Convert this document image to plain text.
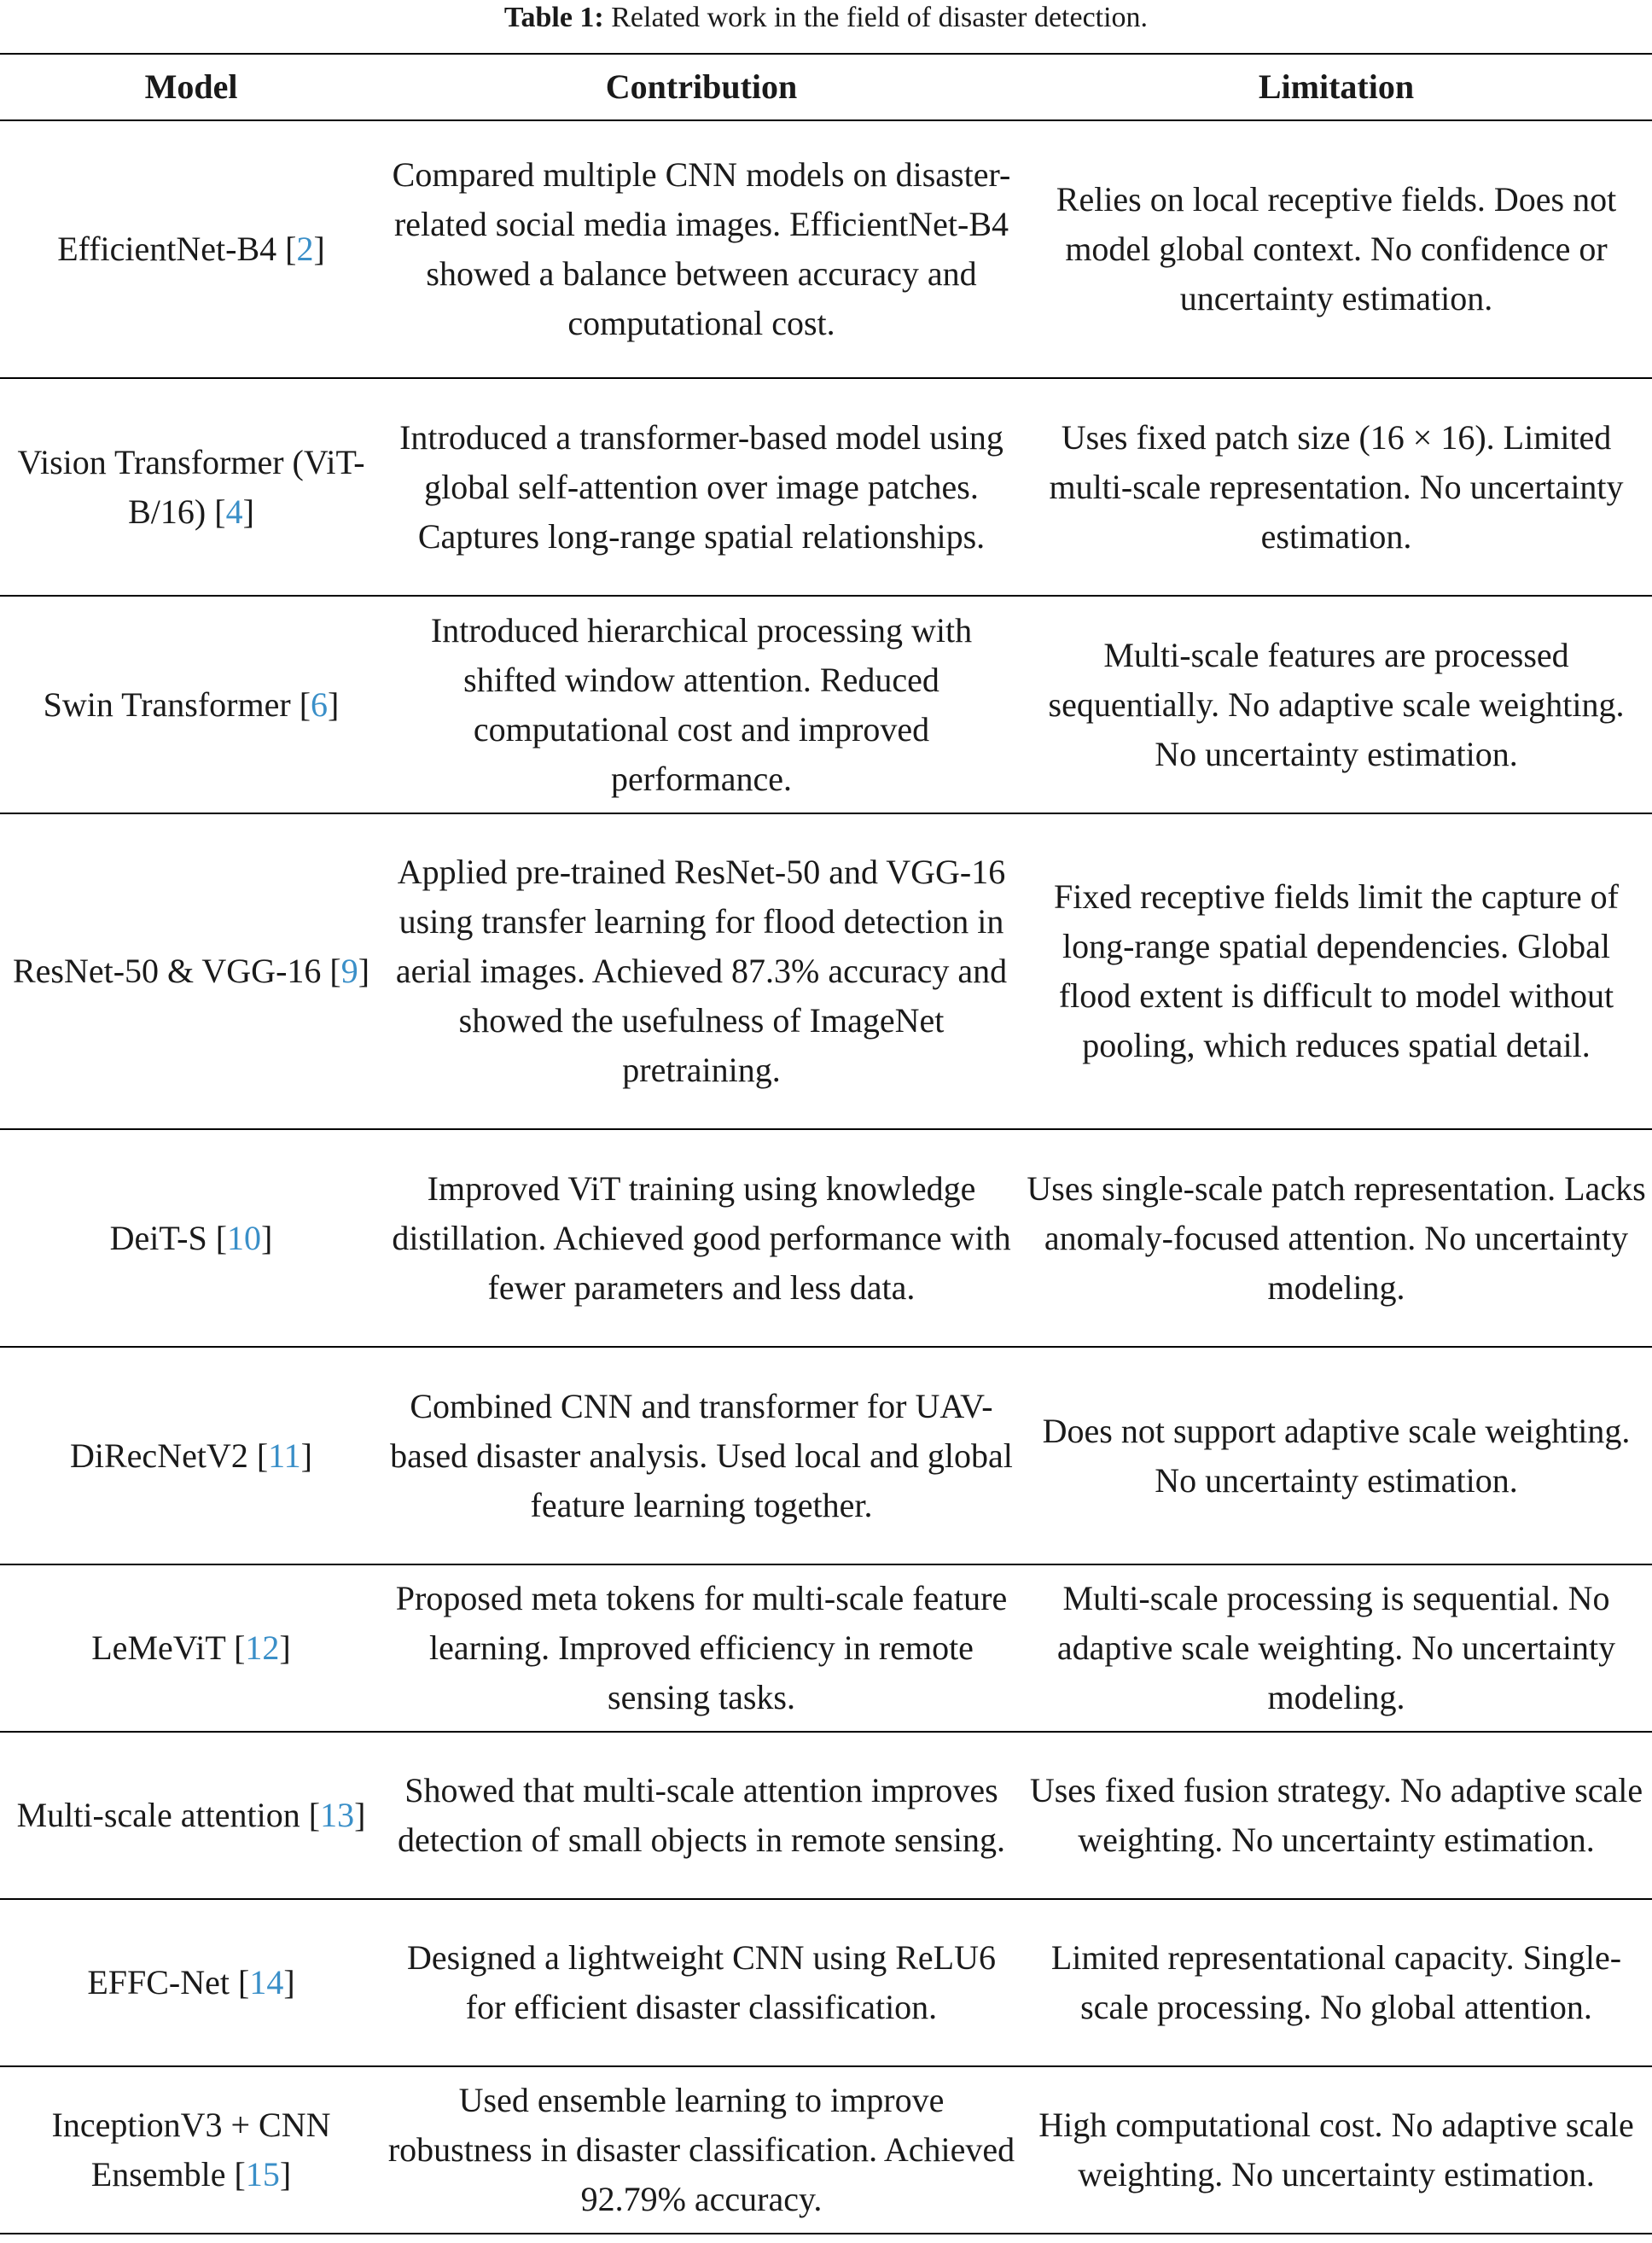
Table 1: Related work in the field of disaster detection.
Model	Contribution	Limitation
EfficientNet-B4 [2]	Compared multiple CNN models on disaster-related social media images. EfficientNet-B4 showed a balance between accuracy and computational cost.	Relies on local receptive fields. Does not model global context. No confidence or uncertainty estimation.
Vision Transformer (ViT-B/16) [4]	Introduced a transformer-based model using global self-attention over image patches. Captures long-range spatial relationships.	Uses fixed patch size (16 × 16). Limited multi-scale representation. No uncertainty estimation.
Swin Transformer [6]	Introduced hierarchical processing with shifted window attention. Reduced computational cost and improved performance.	Multi-scale features are processed sequentially. No adaptive scale weighting. No uncertainty estimation.
ResNet-50 & VGG-16 [9]	Applied pre-trained ResNet-50 and VGG-16 using transfer learning for flood detection in aerial images. Achieved 87.3% accuracy and showed the usefulness of ImageNet pretraining.	Fixed receptive fields limit the capture of long-range spatial dependencies. Global flood extent is difficult to model without pooling, which reduces spatial detail.
DeiT-S [10]	Improved ViT training using knowledge distillation. Achieved good performance with fewer parameters and less data.	Uses single-scale patch representation. Lacks anomaly-focused attention. No uncertainty modeling.
DiRecNetV2 [11]	Combined CNN and transformer for UAV-based disaster analysis. Used local and global feature learning together.	Does not support adaptive scale weighting. No uncertainty estimation.
LeMeViT [12]	Proposed meta tokens for multi-scale feature learning. Improved efficiency in remote sensing tasks.	Multi-scale processing is sequential. No adaptive scale weighting. No uncertainty modeling.
Multi-scale attention [13]	Showed that multi-scale attention improves detection of small objects in remote sensing.	Uses fixed fusion strategy. No adaptive scale weighting. No uncertainty estimation.
EFFC-Net [14]	Designed a lightweight CNN using ReLU6 for efficient disaster classification.	Limited representational capacity. Single-scale processing. No global attention.
InceptionV3 + CNN Ensemble [15]	Used ensemble learning to improve robustness in disaster classification. Achieved 92.79% accuracy.	High computational cost. No adaptive scale weighting. No uncertainty estimation.
